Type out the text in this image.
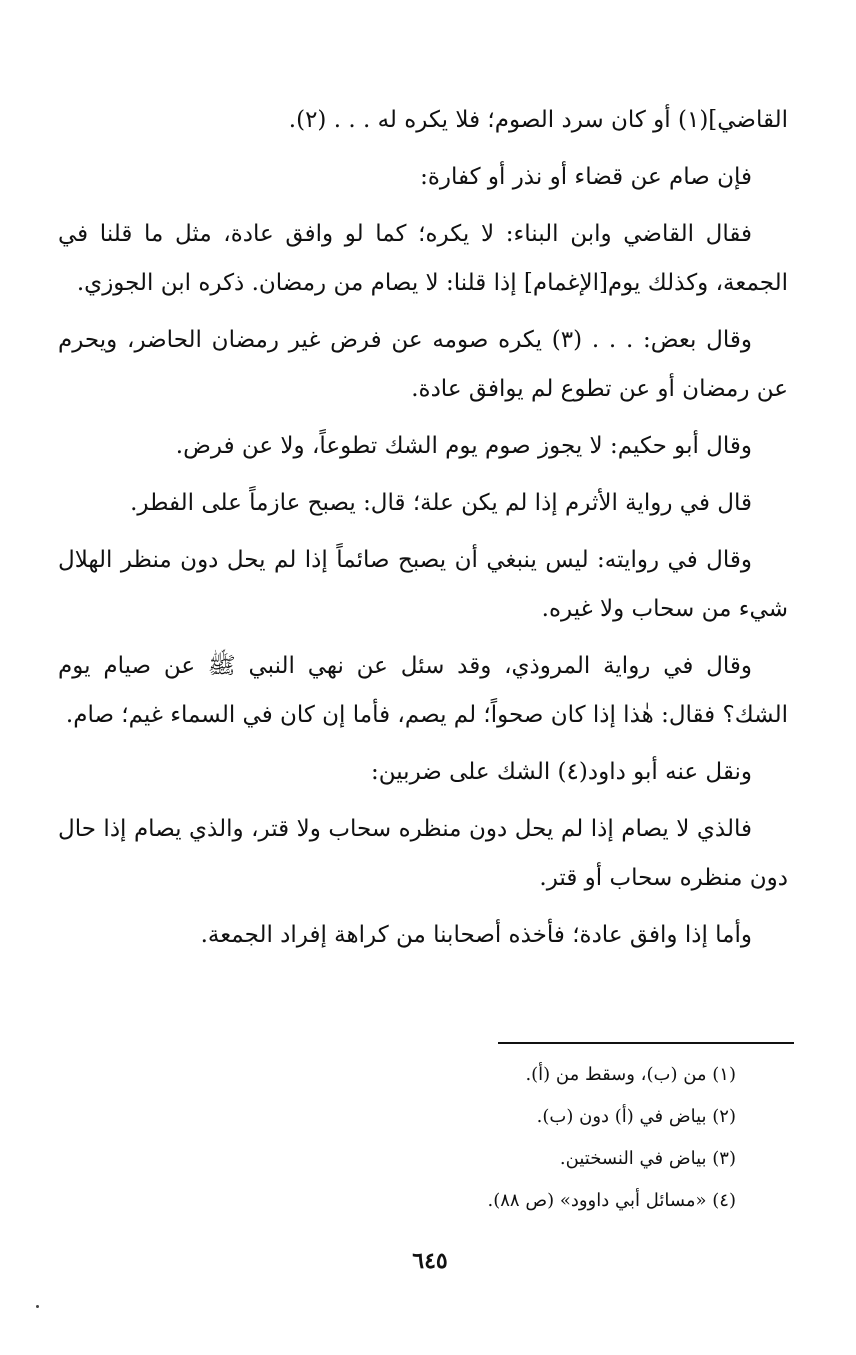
القاضي](١) أو كان سرد الصوم؛ فلا يكره له . . . (٢).

فإن صام عن قضاء أو نذر أو كفارة:

فقال القاضي وابن البناء: لا يكره؛ كما لو وافق عادة، مثل ما قلنا في الجمعة، وكذلك يوم[الإغمام] إذا قلنا: لا يصام من رمضان. ذكره ابن الجوزي.

وقال بعض: . . . (٣) يكره صومه عن فرض غير رمضان الحاضر، ويحرم عن رمضان أو عن تطوع لم يوافق عادة.

وقال أبو حكيم: لا يجوز صوم يوم الشك تطوعاً، ولا عن فرض.

قال في رواية الأثرم إذا لم يكن علة؛ قال: يصبح عازماً على الفطر.

وقال في روايته: ليس ينبغي أن يصبح صائماً إذا لم يحل دون منظر الهلال شيء من سحاب ولا غيره.

وقال في رواية المروذي، وقد سئل عن نهي النبي ﷺ عن صيام يوم الشك؟ فقال: هٰذا إذا كان صحواً؛ لم يصم، فأما إن كان في السماء غيم؛ صام.

ونقل عنه أبو داود(٤) الشك على ضربين:

فالذي لا يصام إذا لم يحل دون منظره سحاب ولا قتر، والذي يصام إذا حال دون منظره سحاب أو قتر.

وأما إذا وافق عادة؛ فأخذه أصحابنا من كراهة إفراد الجمعة.

(١) من (ب)، وسقط من (أ).
(٢) بياض في (أ) دون (ب).
(٣) بياض في النسختين.
(٤) «مسائل أبي داوود» (ص ٨٨).
٦٤٥
